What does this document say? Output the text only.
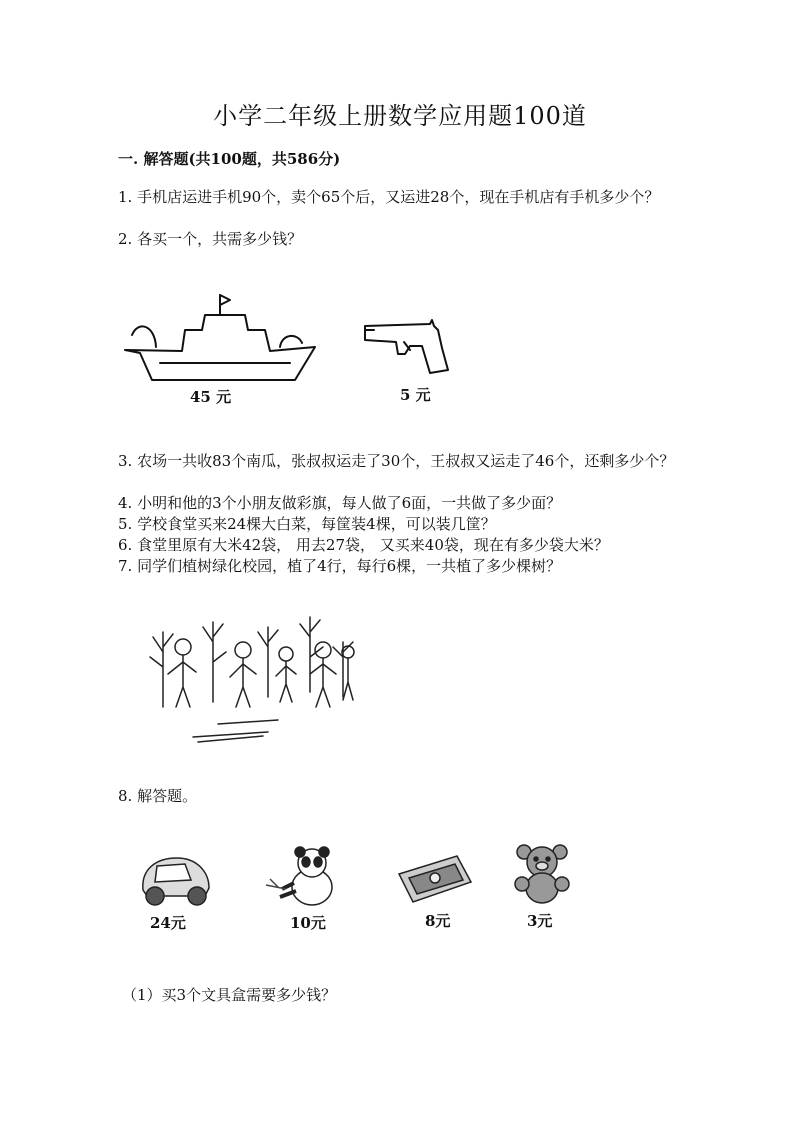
小学二年级上册数学应用题100道
一. 解答题(共100题，共586分)
1. 手机店运进手机90个，卖个65个后，又运进28个，现在手机店有手机多少个？
2. 各买一个，共需多少钱？
45 元	5 元
3. 农场一共收83个南瓜，张叔叔运走了30个，王叔叔又运走了46个，还剩多少个？
4. 小明和他的3个小朋友做彩旗，每人做了6面，一共做了多少面？
5. 学校食堂买来24棵大白菜，每筐装4棵，可以装几筐？
6. 食堂里原有大米42袋， 用去27袋， 又买来40袋，现在有多少袋大米？
7. 同学们植树绿化校园，植了4行，每行6棵，一共植了多少棵树？
8. 解答题。
24元	10元	8元	3元
（1）买3个文具盒需要多少钱？
